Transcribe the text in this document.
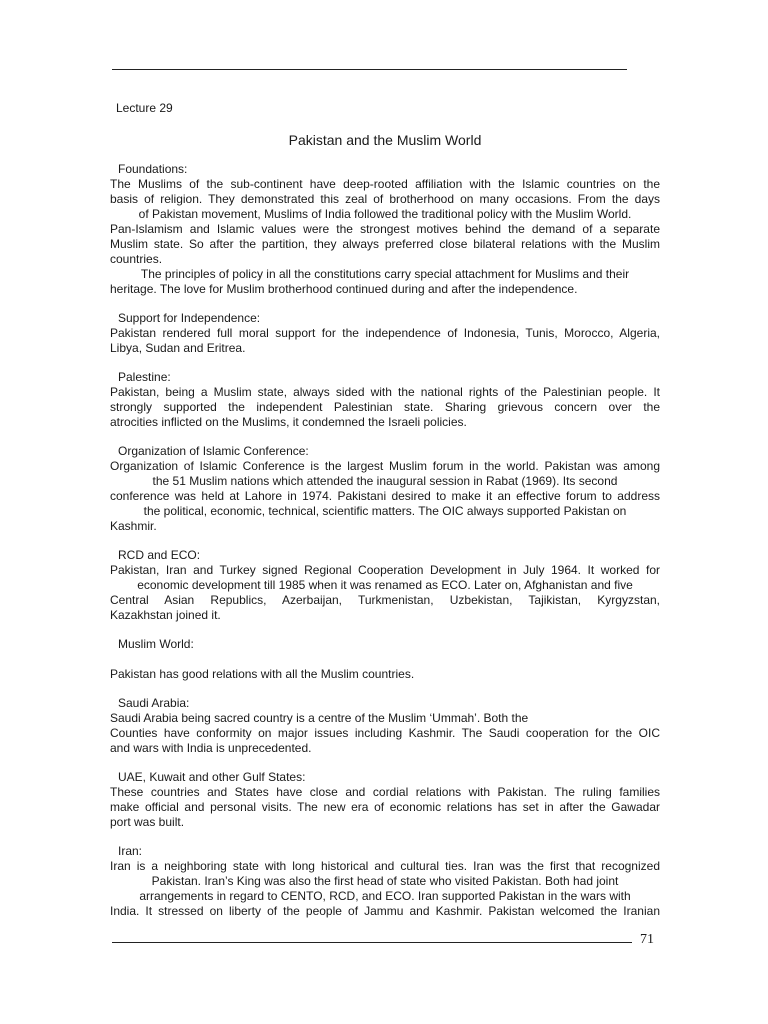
Lecture 29
Pakistan and the Muslim World
Foundations:
The Muslims of the sub-continent have deep-rooted affiliation with the Islamic countries on the
basis of religion. They demonstrated this zeal of brotherhood on many occasions. From the days
of Pakistan movement, Muslims of India followed the traditional policy with the Muslim World.
Pan-Islamism and Islamic values were the strongest motives behind the demand of a separate
Muslim state. So after the partition, they always preferred close bilateral relations with the Muslim
countries.
The principles of policy in all the constitutions carry special attachment for Muslims and their
heritage. The love for Muslim brotherhood continued during and after the independence.
Support for Independence:
Pakistan rendered full moral support for the independence of Indonesia, Tunis, Morocco, Algeria,
Libya, Sudan and Eritrea.
Palestine:
Pakistan, being a Muslim state, always sided with the national rights of the Palestinian people. It
strongly supported the independent Palestinian state. Sharing grievous concern over the
atrocities inflicted on the Muslims, it condemned the Israeli policies.
Organization of Islamic Conference:
Organization of Islamic Conference is the largest Muslim forum in the world. Pakistan was among
the 51 Muslim nations which attended the inaugural session in Rabat (1969). Its second
conference was held at Lahore in 1974. Pakistani desired to make it an effective forum to address
the political, economic, technical, scientific matters. The OIC always supported Pakistan on
Kashmir.
RCD and ECO:
Pakistan, Iran and Turkey signed Regional Cooperation Development in July 1964. It worked for
economic development till 1985 when it was renamed as ECO. Later on, Afghanistan and five
Central Asian Republics, Azerbaijan, Turkmenistan, Uzbekistan, Tajikistan, Kyrgyzstan,
Kazakhstan joined it.
Muslim World:

Pakistan has good relations with all the Muslim countries.
Saudi Arabia:
Saudi Arabia being sacred country is a centre of the Muslim ‘Ummah’. Both the
Counties have conformity on major issues including Kashmir. The Saudi cooperation for the OIC
and wars with India is unprecedented.
UAE, Kuwait and other Gulf States:
These countries and States have close and cordial relations with Pakistan. The ruling families
make official and personal visits. The new era of economic relations has set in after the Gawadar
port was built.
Iran:
Iran is a neighboring state with long historical and cultural ties. Iran was the first that recognized
Pakistan. Iran’s King was also the first head of state who visited Pakistan. Both had joint
arrangements in regard to CENTO, RCD, and ECO. Iran supported Pakistan in the wars with
India. It stressed on liberty of the people of Jammu and Kashmir. Pakistan welcomed the Iranian
71
